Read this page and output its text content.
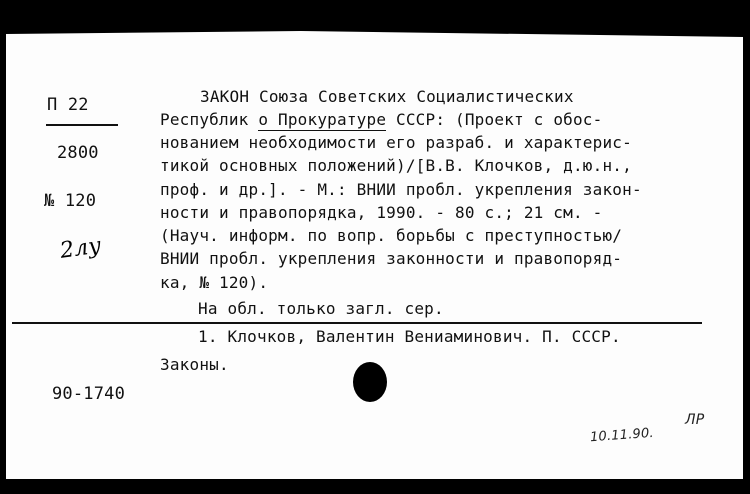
П 22
2800
№ 120
2лу
90-1740
ЗАКОН Союза Советских Социалистических
Республик о Прокуратуре СССР: (Проект с обос-
нованием необходимости его разраб. и характерис-
тикой основных положений)/[В.В. Клочков, д.ю.н.,
проф. и др.]. - М.: ВНИИ пробл. укрепления закон-
ности и правопорядка, 1990. - 80 с.; 21 см. -
(Науч. информ. по вопр. борьбы с преступностью/
ВНИИ пробл. укрепления законности и правопоряд-
ка, № 120).
На обл. только загл. сер.
1. Клочков, Валентин Вениаминович. П. СССР.
Законы.
10.11.90.
ЛР
